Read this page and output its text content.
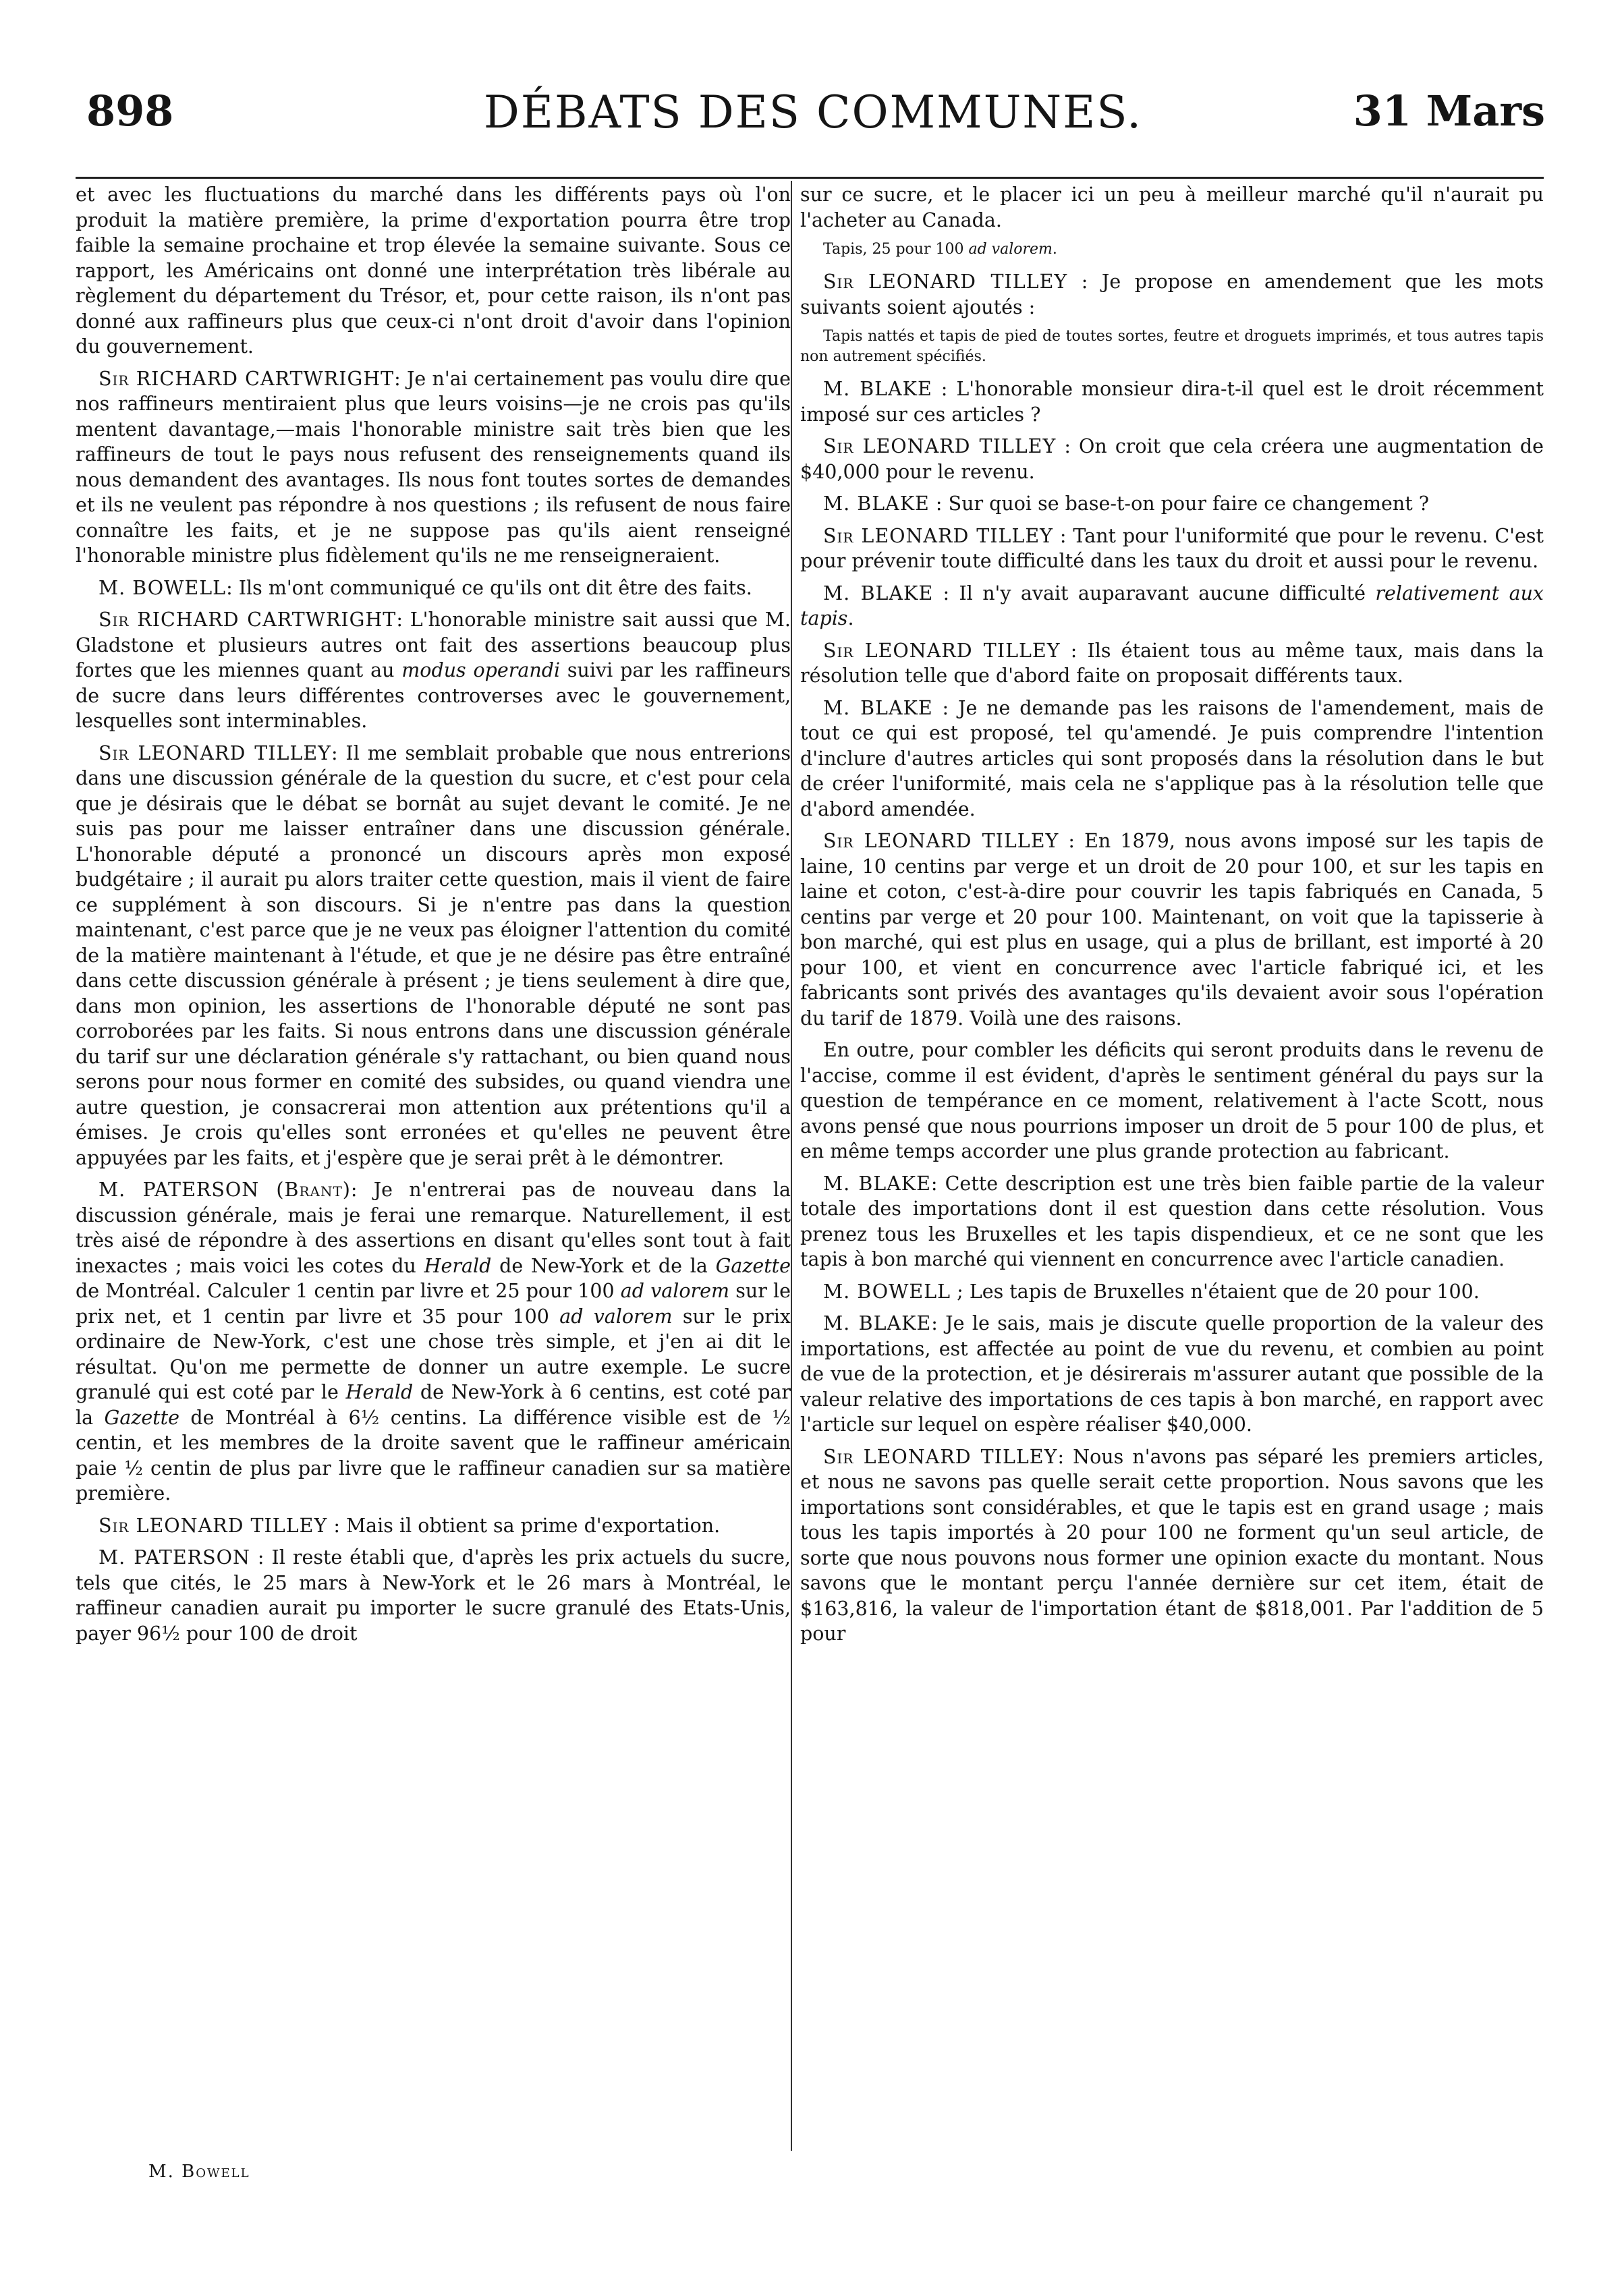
898	DÉBATS DES COMMUNES.	31 Mars

et avec les fluctuations du marché dans les différents pays où l'on produit la matière première, la prime d'exportation pourra être trop faible la semaine prochaine et trop élevée la semaine suivante. Sous ce rapport, les Américains ont donné une interprétation très libérale au règlement du département du Trésor, et, pour cette raison, ils n'ont pas donné aux raffineurs plus que ceux-ci n'ont droit d'avoir dans l'opinion du gouvernement.

Sir RICHARD CARTWRIGHT: Je n'ai certainement pas voulu dire que nos raffineurs mentiraient plus que leurs voisins—je ne crois pas qu'ils mentent davantage,—mais l'honorable ministre sait très bien que les raffineurs de tout le pays nous refusent des renseignements quand ils nous demandent des avantages. Ils nous font toutes sortes de demandes et ils ne veulent pas répondre à nos questions ; ils refusent de nous faire connaître les faits, et je ne suppose pas qu'ils aient renseigné l'honorable ministre plus fidèlement qu'ils ne me renseigneraient.

M. BOWELL: Ils m'ont communiqué ce qu'ils ont dit être des faits.

Sir RICHARD CARTWRIGHT: L'honorable ministre sait aussi que M. Gladstone et plusieurs autres ont fait des assertions beaucoup plus fortes que les miennes quant au modus operandi suivi par les raffineurs de sucre dans leurs différentes controverses avec le gouvernement, lesquelles sont interminables.

Sir LEONARD TILLEY: Il me semblait probable que nous entrerions dans une discussion générale de la question du sucre, et c'est pour cela que je désirais que le débat se bornât au sujet devant le comité. Je ne suis pas pour me laisser entraîner dans une discussion générale. L'honorable député a prononcé un discours après mon exposé budgétaire ; il aurait pu alors traiter cette question, mais il vient de faire ce supplément à son discours. Si je n'entre pas dans la question maintenant, c'est parce que je ne veux pas éloigner l'attention du comité de la matière maintenant à l'étude, et que je ne désire pas être entraîné dans cette discussion générale à présent ; je tiens seulement à dire que, dans mon opinion, les assertions de l'honorable député ne sont pas corroborées par les faits. Si nous entrons dans une discussion générale du tarif sur une déclaration générale s'y rattachant, ou bien quand nous serons pour nous former en comité des subsides, ou quand viendra une autre question, je consacrerai mon attention aux prétentions qu'il a émises. Je crois qu'elles sont erronées et qu'elles ne peuvent être appuyées par les faits, et j'espère que je serai prêt à le démontrer.

M. PATERSON (Brant): Je n'entrerai pas de nouveau dans la discussion générale, mais je ferai une remarque. Naturellement, il est très aisé de répondre à des assertions en disant qu'elles sont tout à fait inexactes ; mais voici les cotes du Herald de New-York et de la Gazette de Montréal. Calculer 1 centin par livre et 25 pour 100 ad valorem sur le prix net, et 1 centin par livre et 35 pour 100 ad valorem sur le prix ordinaire de New-York, c'est une chose très simple, et j'en ai dit le résultat. Qu'on me permette de donner un autre exemple. Le sucre granulé qui est coté par le Herald de New-York à 6 centins, est coté par la Gazette de Montréal à 6½ centins. La différence visible est de ½ centin, et les membres de la droite savent que le raffineur américain paie ½ centin de plus par livre que le raffineur canadien sur sa matière première.

Sir LEONARD TILLEY : Mais il obtient sa prime d'exportation.

M. PATERSON : Il reste établi que, d'après les prix actuels du sucre, tels que cités, le 25 mars à New-York et le 26 mars à Montréal, le raffineur canadien aurait pu importer le sucre granulé des Etats-Unis, payer 96½ pour 100 de droit

sur ce sucre, et le placer ici un peu à meilleur marché qu'il n'aurait pu l'acheter au Canada.

Tapis, 25 pour 100 ad valorem.

Sir LEONARD TILLEY : Je propose en amendement que les mots suivants soient ajoutés :

Tapis nattés et tapis de pied de toutes sortes, feutre et droguets imprimés, et tous autres tapis non autrement spécifiés.

M. BLAKE : L'honorable monsieur dira-t-il quel est le droit récemment imposé sur ces articles ?

Sir LEONARD TILLEY : On croit que cela créera une augmentation de $40,000 pour le revenu.

M. BLAKE : Sur quoi se base-t-on pour faire ce changement ?

Sir LEONARD TILLEY : Tant pour l'uniformité que pour le revenu. C'est pour prévenir toute difficulté dans les taux du droit et aussi pour le revenu.

M. BLAKE : Il n'y avait auparavant aucune difficulté relativement aux tapis.

Sir LEONARD TILLEY : Ils étaient tous au même taux, mais dans la résolution telle que d'abord faite on proposait différents taux.

M. BLAKE : Je ne demande pas les raisons de l'amendement, mais de tout ce qui est proposé, tel qu'amendé. Je puis comprendre l'intention d'inclure d'autres articles qui sont proposés dans la résolution dans le but de créer l'uniformité, mais cela ne s'applique pas à la résolution telle que d'abord amendée.

Sir LEONARD TILLEY : En 1879, nous avons imposé sur les tapis de laine, 10 centins par verge et un droit de 20 pour 100, et sur les tapis en laine et coton, c'est-à-dire pour couvrir les tapis fabriqués en Canada, 5 centins par verge et 20 pour 100. Maintenant, on voit que la tapisserie à bon marché, qui est plus en usage, qui a plus de brillant, est importé à 20 pour 100, et vient en concurrence avec l'article fabriqué ici, et les fabricants sont privés des avantages qu'ils devaient avoir sous l'opération du tarif de 1879. Voilà une des raisons.

En outre, pour combler les déficits qui seront produits dans le revenu de l'accise, comme il est évident, d'après le sentiment général du pays sur la question de tempérance en ce moment, relativement à l'acte Scott, nous avons pensé que nous pourrions imposer un droit de 5 pour 100 de plus, et en même temps accorder une plus grande protection au fabricant.

M. BLAKE: Cette description est une très bien faible partie de la valeur totale des importations dont il est question dans cette résolution. Vous prenez tous les Bruxelles et les tapis dispendieux, et ce ne sont que les tapis à bon marché qui viennent en concurrence avec l'article canadien.

M. BOWELL ; Les tapis de Bruxelles n'étaient que de 20 pour 100.

M. BLAKE: Je le sais, mais je discute quelle proportion de la valeur des importations, est affectée au point de vue du revenu, et combien au point de vue de la protection, et je désirerais m'assurer autant que possible de la valeur relative des importations de ces tapis à bon marché, en rapport avec l'article sur lequel on espère réaliser $40,000.

Sir LEONARD TILLEY: Nous n'avons pas séparé les premiers articles, et nous ne savons pas quelle serait cette proportion. Nous savons que les importations sont considérables, et que le tapis est en grand usage ; mais tous les tapis importés à 20 pour 100 ne forment qu'un seul article, de sorte que nous pouvons nous former une opinion exacte du montant. Nous savons que le montant perçu l'année dernière sur cet item, était de $163,816, la valeur de l'importation étant de $818,001. Par l'addition de 5 pour

M. Bowell
